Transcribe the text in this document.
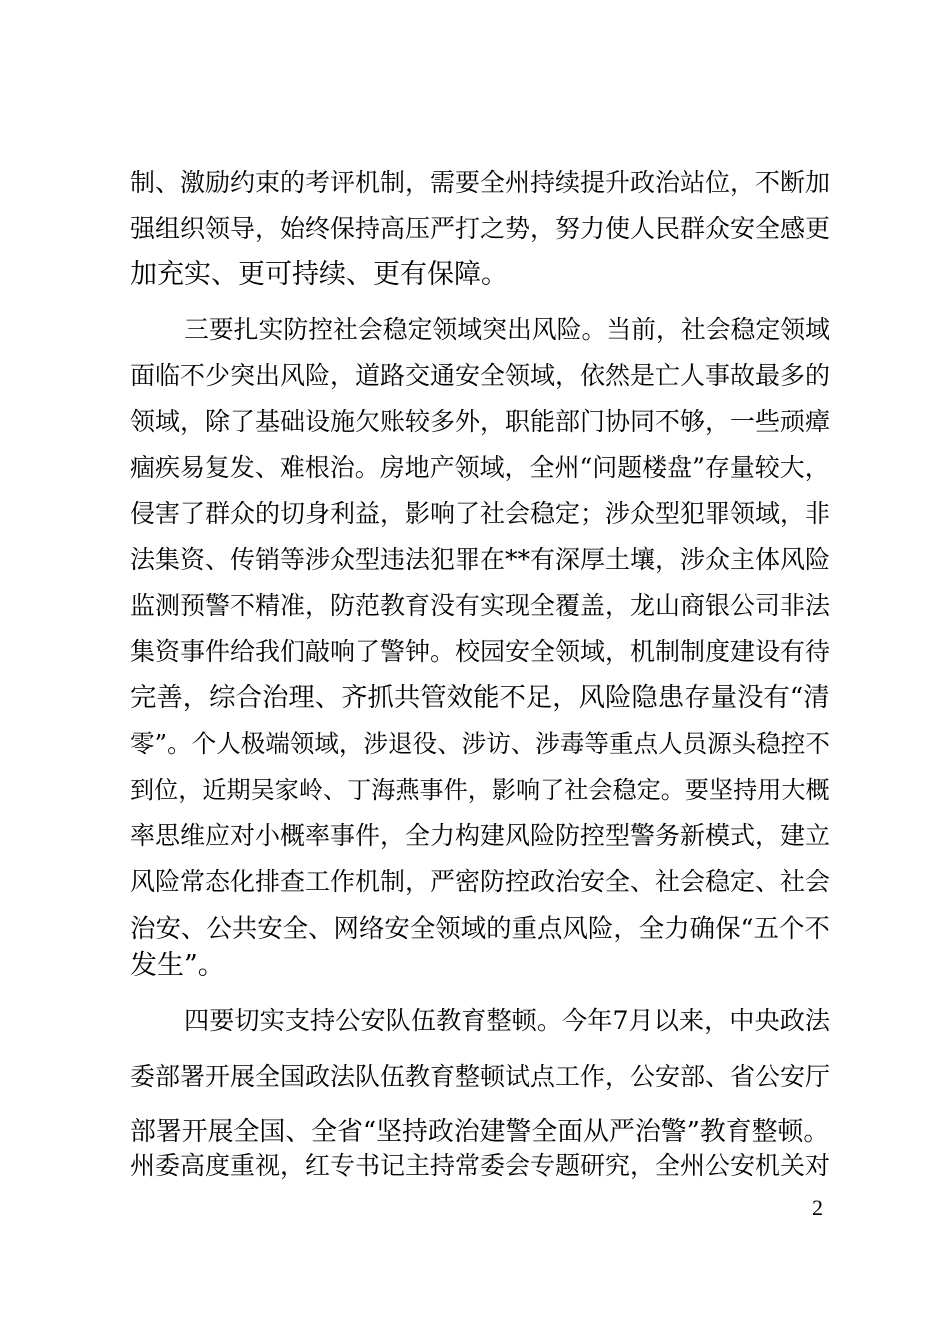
制、激励约束的考评机制，需要全州持续提升政治站位，不断加
强组织领导，始终保持高压严打之势，努力使人民群众安全感更
加充实、更可持续、更有保障。
三要扎实防控社会稳定领域突出风险。当前，社会稳定领域
面临不少突出风险，道路交通安全领域，依然是亡人事故最多的
领域，除了基础设施欠账较多外，职能部门协同不够，一些顽瘴
痼疾易复发、难根治。房地产领域，全州“问题楼盘”存量较大，
侵害了群众的切身利益，影响了社会稳定；涉众型犯罪领域，非
法集资、传销等涉众型违法犯罪在**有深厚土壤，涉众主体风险
监测预警不精准，防范教育没有实现全覆盖，龙山商银公司非法
集资事件给我们敲响了警钟。校园安全领域，机制制度建设有待
完善，综合治理、齐抓共管效能不足，风险隐患存量没有“清
零”。个人极端领域，涉退役、涉访、涉毒等重点人员源头稳控不
到位，近期吴家岭、丁海燕事件，影响了社会稳定。要坚持用大概
率思维应对小概率事件，全力构建风险防控型警务新模式，建立
风险常态化排查工作机制，严密防控政治安全、社会稳定、社会
治安、公共安全、网络安全领域的重点风险，全力确保“五个不
发生”。
四要切实支持公安队伍教育整顿。今年7月以来，中央政法
委部署开展全国政法队伍教育整顿试点工作，公安部、省公安厅
部署开展全国、全省“坚持政治建警全面从严治警”教育整顿。
州委高度重视，红专书记主持常委会专题研究，全州公安机关对
2
